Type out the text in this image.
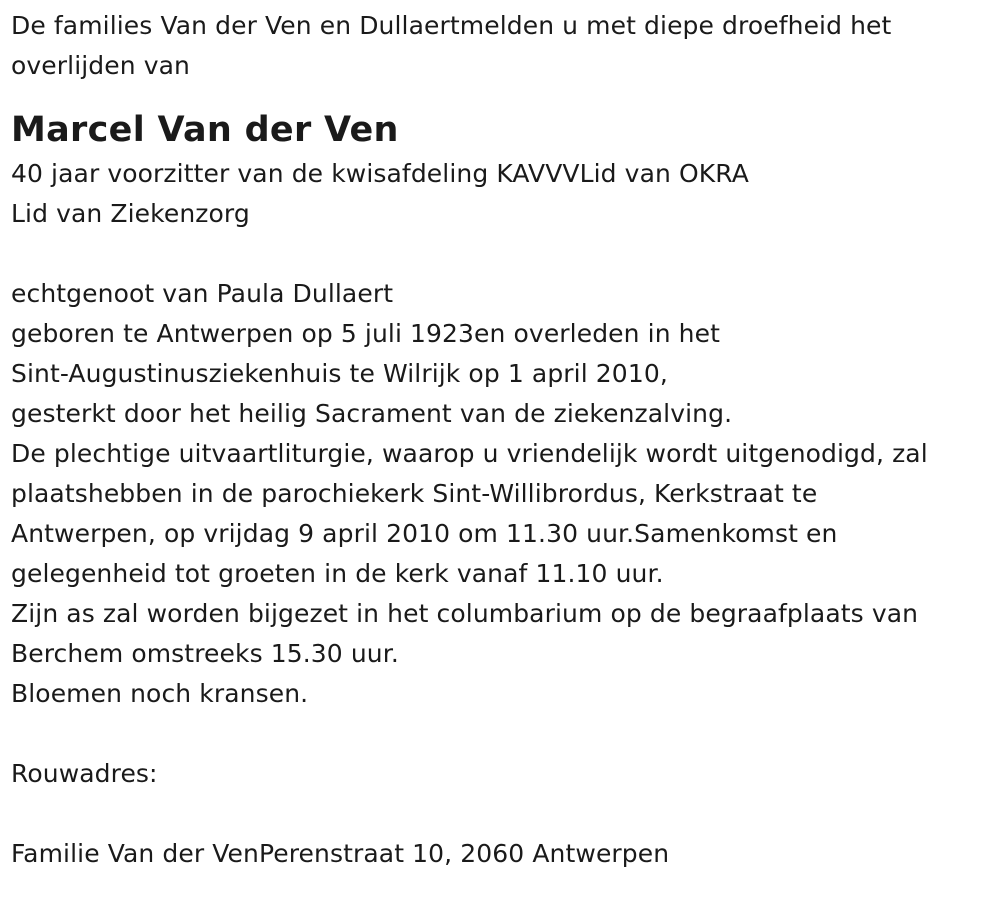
De families Van der Ven en Dullaertmelden u met diepe droefheid het
overlijden van
Marcel Van der Ven
40 jaar voorzitter van de kwisafdeling KAVVVLid van OKRA
Lid van Ziekenzorg
echtgenoot van Paula Dullaert
geboren te Antwerpen op 5 juli 1923en overleden in het
Sint-Augustinusziekenhuis te Wilrijk op 1 april 2010,
gesterkt door het heilig Sacrament van de ziekenzalving.
De plechtige uitvaartliturgie, waarop u vriendelijk wordt uitgenodigd, zal
plaatshebben in de parochiekerk Sint-Willibrordus, Kerkstraat te
Antwerpen, op vrijdag 9 april 2010 om 11.30 uur.Samenkomst en
gelegenheid tot groeten in de kerk vanaf 11.10 uur.
Zijn as zal worden bijgezet in het columbarium op de begraafplaats van
Berchem omstreeks 15.30 uur.
Bloemen noch kransen.
Rouwadres:
Familie Van der VenPerenstraat 10, 2060 Antwerpen
